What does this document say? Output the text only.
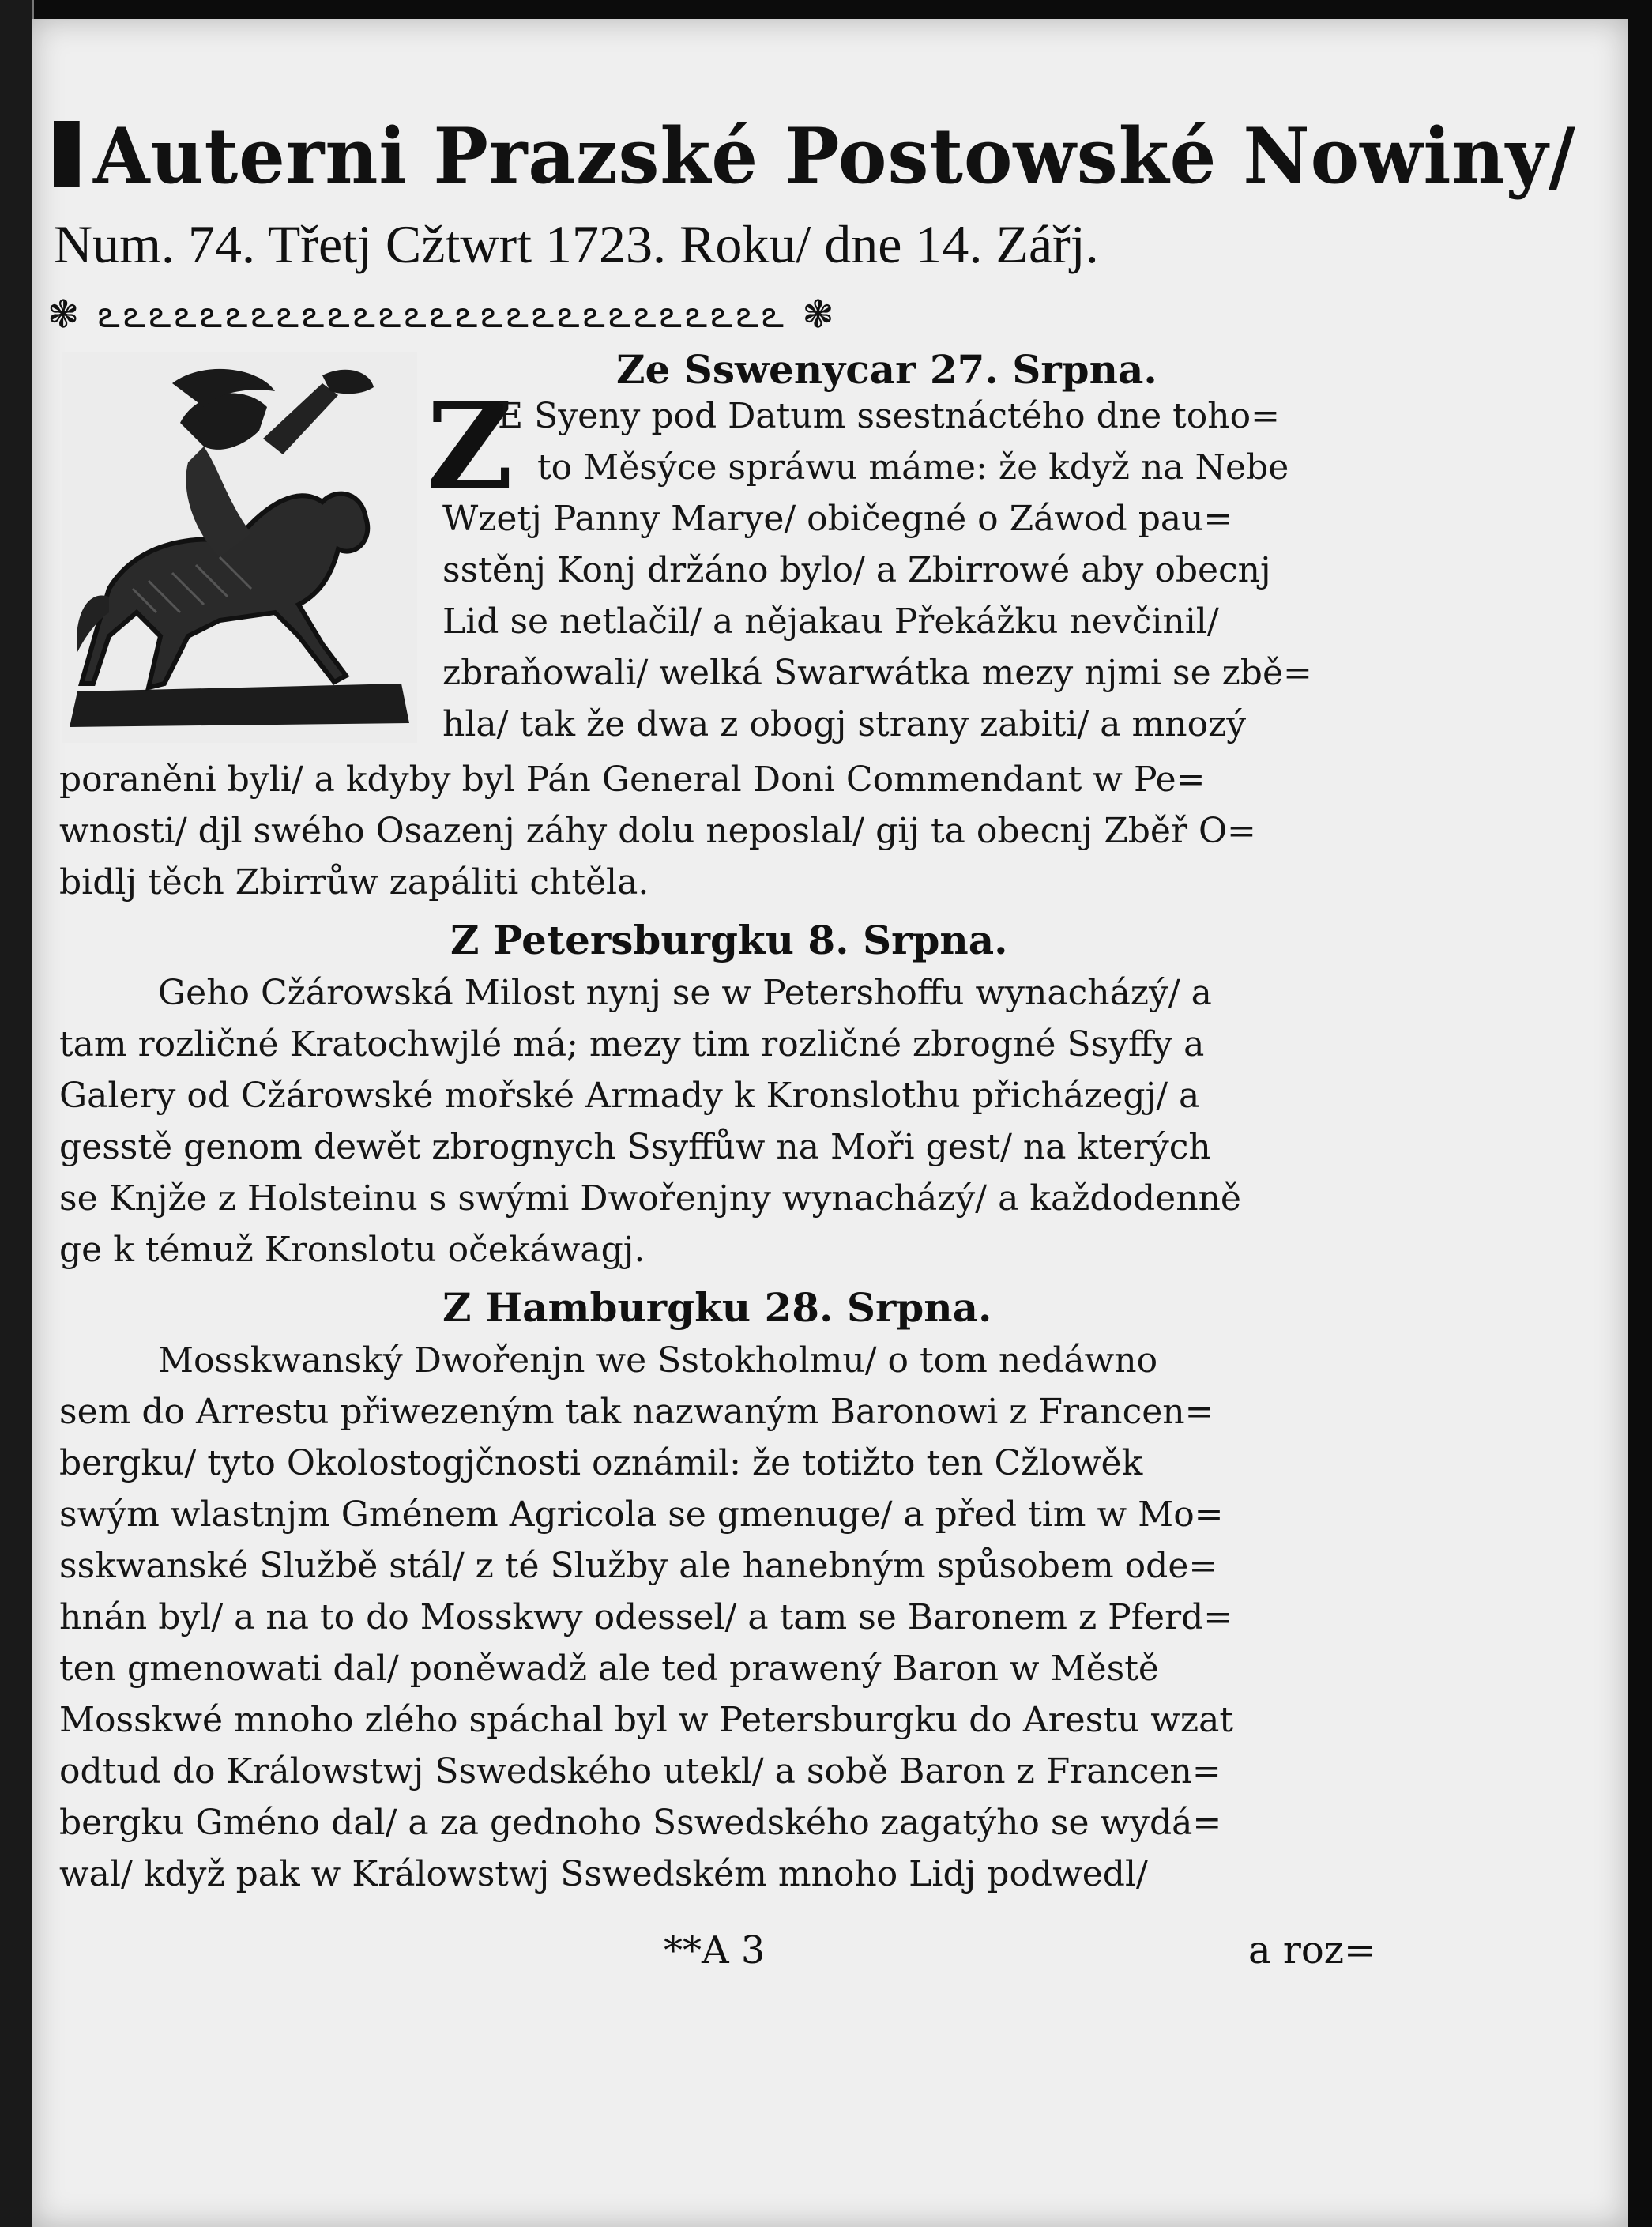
Auterni Prazské Postowské Nowiny/
Num. 74. Třetj Cžtwrt 1723. Roku/ dne 14. Zářj.
❃ ఽఽఽఽఽఽఽఽఽఽఽఽఽఽఽఽఽఽఽఽఽఽఽఽఽఽఽ ❃
Ze Sswenycar 27. Srpna.
Z
E Syeny pod Datum ssestnáctého dne toho=
to Měsýce spráwu máme: že když na Nebe
Wzetj Panny Marye/ običegné o Záwod pau=
sstěnj Konj držáno bylo/ a Zbirrowé aby obecnj
Lid se netlačil/ a nějakau Překážku nevčinil/
zbraňowali/ welká Swarwátka mezy njmi se zbě=
hla/ tak že dwa z obogj strany zabiti/ a mnozý
poraněni byli/ a kdyby byl Pán General Doni Commendant w Pe=
wnosti/ djl swého Osazenj záhy dolu neposlal/ gij ta obecnj Zběř O=
bidlj těch Zbirrůw zapáliti chtěla.
Z Petersburgku 8. Srpna.
Geho Cžárowská Milost nynj se w Petershoffu wynacházý/ a
tam rozličné Kratochwjlé má; mezy tim rozličné zbrogné Ssyffy a
Galery od Cžárowské mořské Armady k Kronslothu přicházegj/ a
gesstě genom dewět zbrognych Ssyffůw na Moři gest/ na kterých
se Knjže z Holsteinu s swými Dwořenjny wynacházý/ a každodenně
ge k témuž Kronslotu očekáwagj.
Z Hamburgku 28. Srpna.
Mosskwanský Dwořenjn we Sstokholmu/ o tom nedáwno
sem do Arrestu přiwezeným tak nazwaným Baronowi z Francen=
bergku/ tyto Okolostogjčnosti oznámil: že totižto ten Cžlowěk
swým wlastnjm Gménem Agricola se gmenuge/ a před tim w Mo=
sskwanské Službě stál/ z té Služby ale hanebným spůsobem ode=
hnán byl/ a na to do Mosskwy odessel/ a tam se Baronem z Pferd=
ten gmenowati dal/ poněwadž ale ted prawený Baron w Městě
Mosskwé mnoho zlého spáchal byl w Petersburgku do Arestu wzat
odtud do Králowstwj Sswedského utekl/ a sobě Baron z Francen=
bergku Gméno dal/ a za gednoho Sswedského zagatýho se wydá=
wal/ když pak w Králowstwj Sswedském mnoho Lidj podwedl/
**A 3	a roz=
